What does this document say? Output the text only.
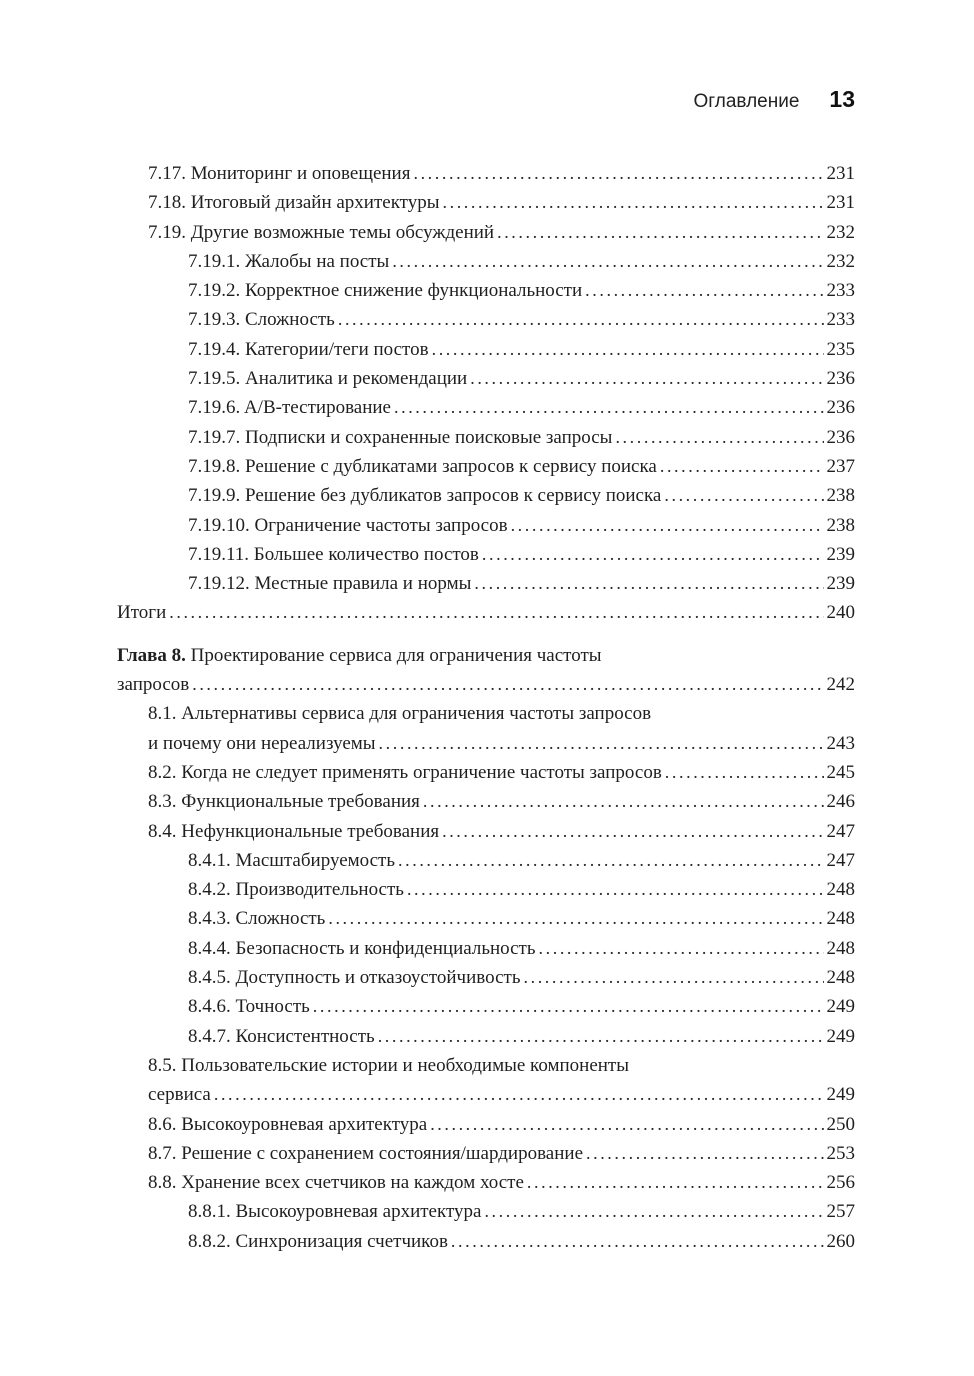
Оглавление 13
7.17. Мониторинг и оповещения .....	231
7.18. Итоговый дизайн архитектуры .....	231
7.19. Другие возможные темы обсуждений .....	232
7.19.1. Жалобы на посты .....	232
7.19.2. Корректное снижение функциональности .....	233
7.19.3. Сложность .....	233
7.19.4. Категории/теги постов .....	235
7.19.5. Аналитика и рекомендации .....	236
7.19.6. A/B-тестирование .....	236
7.19.7. Подписки и сохраненные поисковые запросы .....	236
7.19.8. Решение с дубликатами запросов к сервису поиска .....	237
7.19.9. Решение без дубликатов запросов к сервису поиска .....	238
7.19.10. Ограничение частоты запросов .....	238
7.19.11. Большее количество постов .....	239
7.19.12. Местные правила и нормы .....	239
Итоги .....	240
Глава 8. Проектирование сервиса для ограничения частоты
запросов .....	242
8.1. Альтернативы сервиса для ограничения частоты запросов
и почему они нереализуемы .....	243
8.2. Когда не следует применять ограничение частоты запросов .....	245
8.3. Функциональные требования .....	246
8.4. Нефункциональные требования .....	247
8.4.1. Масштабируемость .....	247
8.4.2. Производительность .....	248
8.4.3. Сложность .....	248
8.4.4. Безопасность и конфиденциальность .....	248
8.4.5. Доступность и отказоустойчивость .....	248
8.4.6. Точность .....	249
8.4.7. Консистентность .....	249
8.5. Пользовательские истории и необходимые компоненты
сервиса .....	249
8.6. Высокоуровневая архитектура .....	250
8.7. Решение с сохранением состояния/шардирование .....	253
8.8. Хранение всех счетчиков на каждом хосте .....	256
8.8.1. Высокоуровневая архитектура .....	257
8.8.2. Синхронизация счетчиков .....	260
